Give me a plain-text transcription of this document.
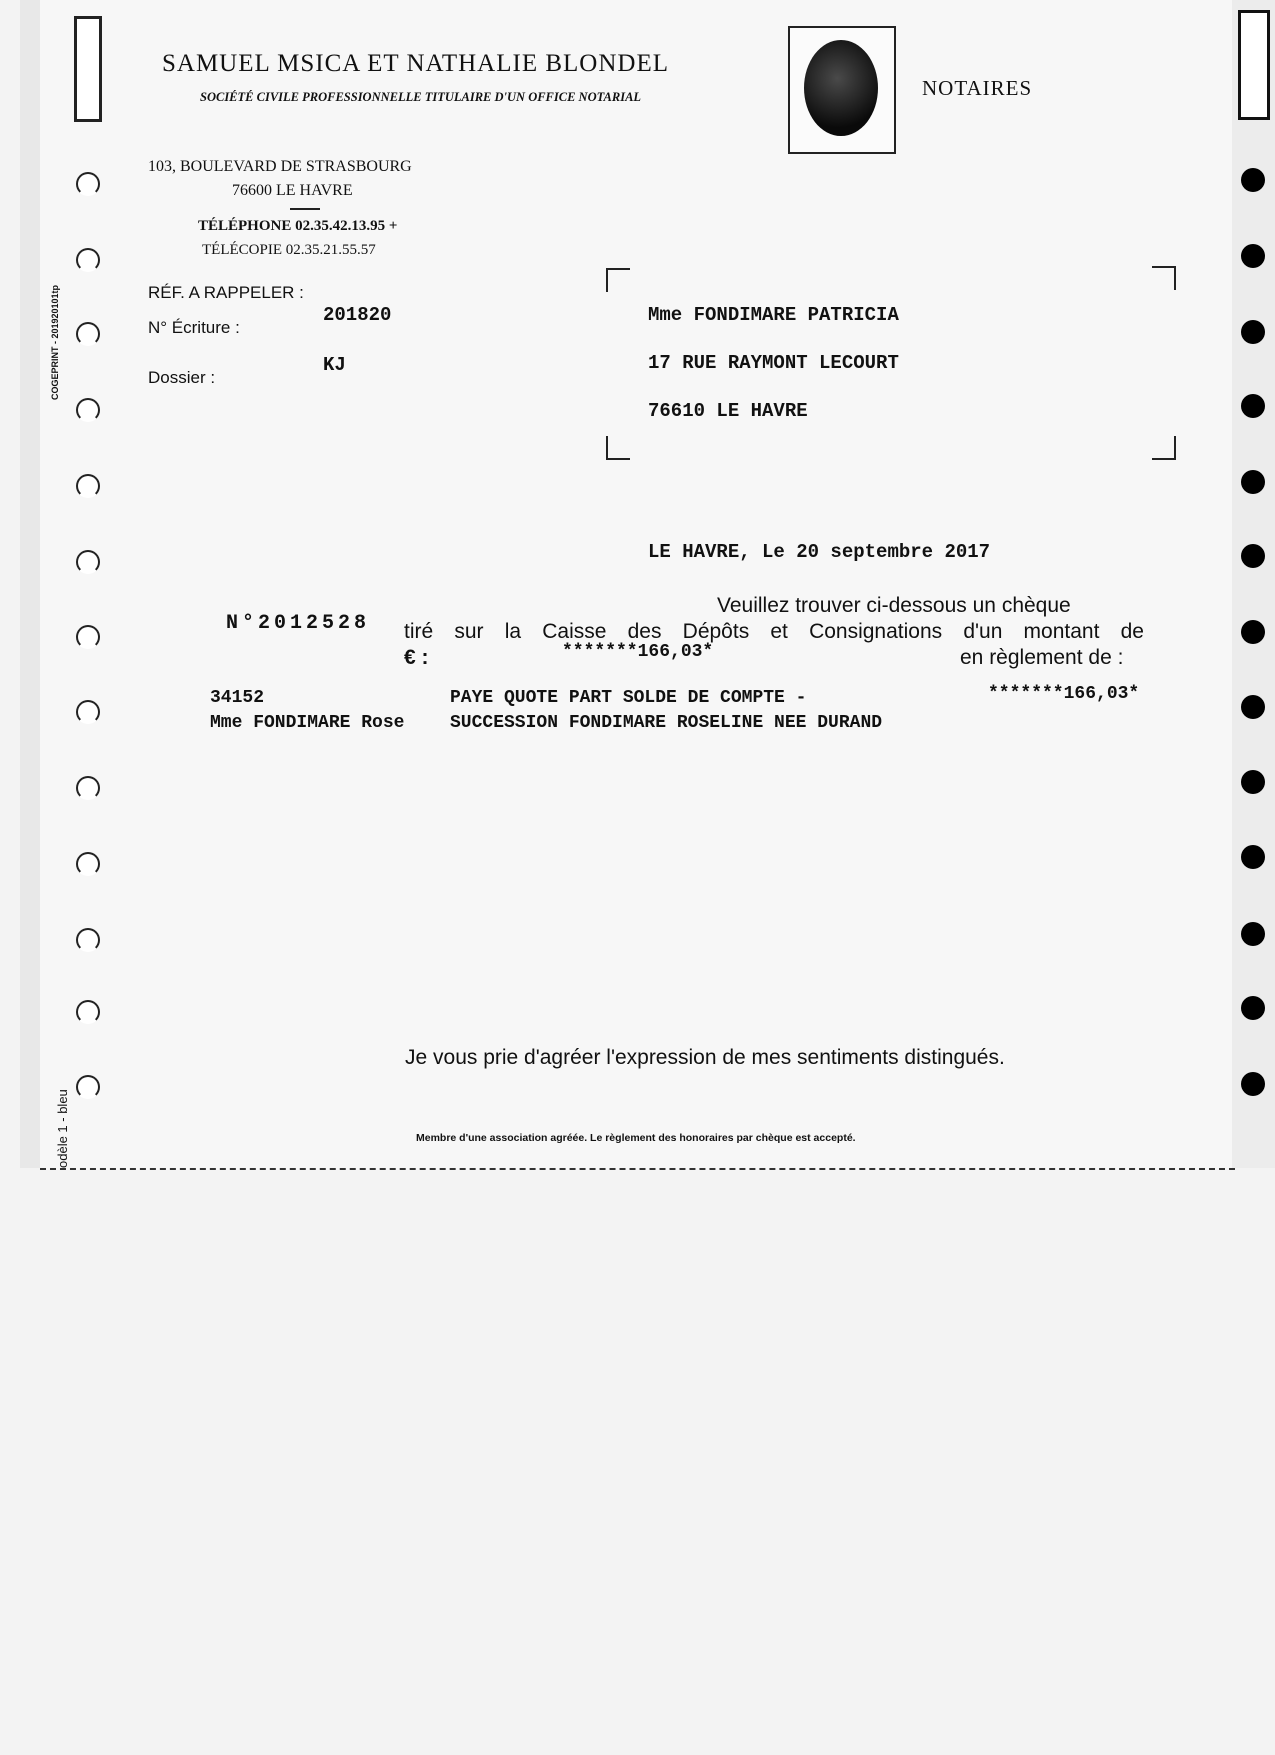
SAMUEL MSICA ET NATHALIE BLONDEL
SOCIÉTÉ CIVILE PROFESSIONNELLE TITULAIRE D'UN OFFICE NOTARIAL	NOTAIRES
103, BOULEVARD DE STRASBOURG
76600 LE HAVRE
TÉLÉPHONE 02.35.42.13.95 +
TÉLÉCOPIE 02.35.21.55.57
RÉF. A RAPPELER :
N° Écriture :
201820
Dossier :
KJ
Mme FONDIMARE PATRICIA
17 RUE RAYMONT LECOURT
76610 LE HAVRE
LE HAVRE, Le 20 septembre 2017
N°2012528
Veuillez trouver ci-dessous un chèque
tiré sur la Caisse des Dépôts et Consignations d'un montant de
€ :	*******166,03*	en règlement de :
34152	PAYE QUOTE PART SOLDE DE COMPTE -	*******166,03*
Mme FONDIMARE Rose	SUCCESSION FONDIMARE ROSELINE NEE DURAND
Je vous prie d'agréer l'expression de mes sentiments distingués.
Membre d'une association agréée. Le règlement des honoraires par chèque est accepté.
COGEPRINT - 201920101tp
odèle 1 - bleu
